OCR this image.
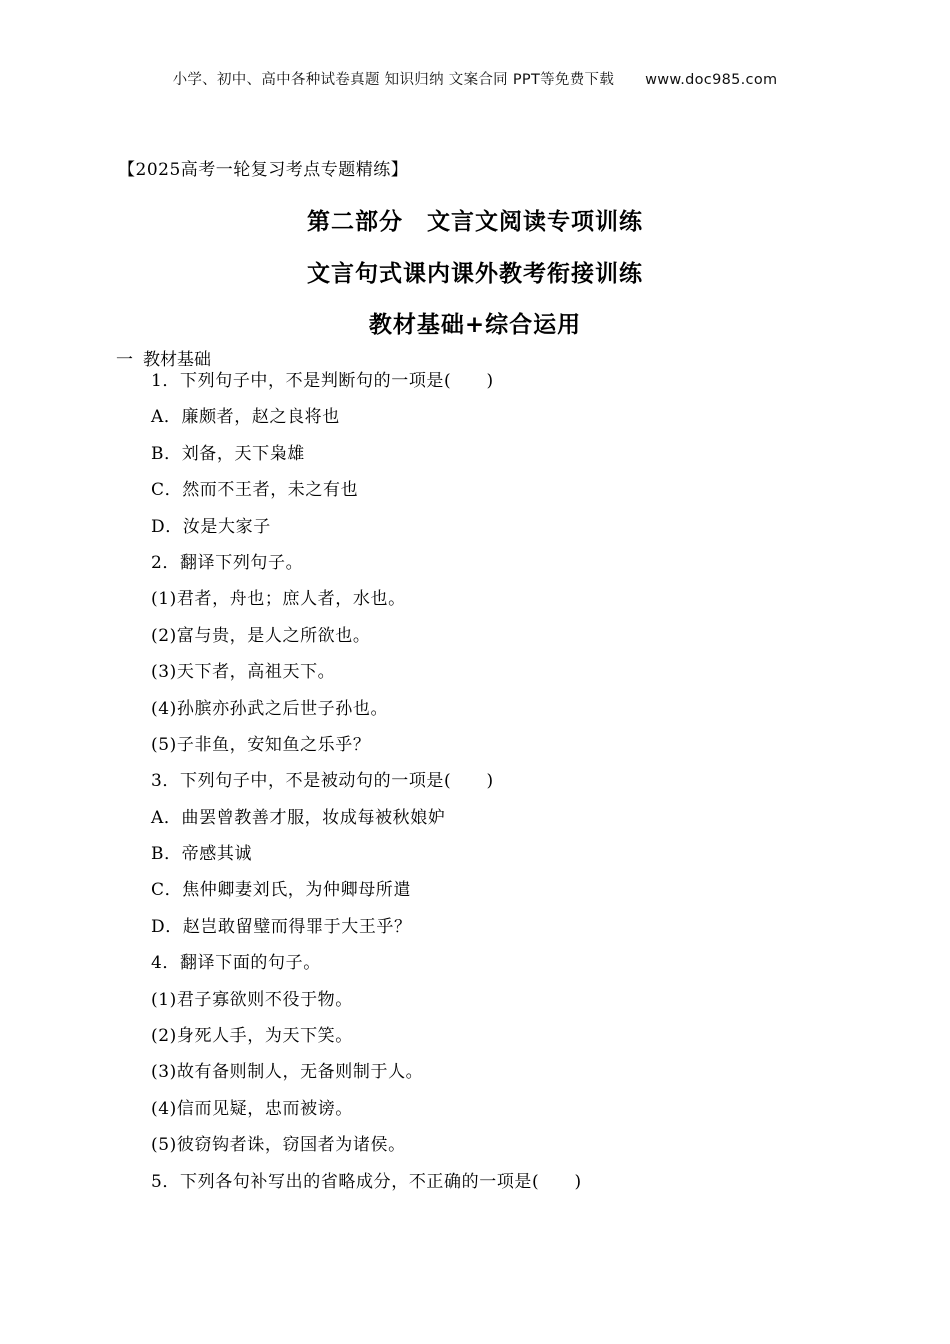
小学、初中、高中各种试卷真题 知识归纳 文案合同 PPT等免费下载 www.doc985.com
【2025高考一轮复习考点专题精练】
第二部分　文言文阅读专项训练
文言句式课内课外教考衔接训练
教材基础+综合运用
一 教材基础
1．下列句子中，不是判断句的一项是(　　)
A．廉颇者，赵之良将也
B．刘备，天下枭雄
C．然而不王者，未之有也
D．汝是大家子
2．翻译下列句子。
(1)君者，舟也；庶人者，水也。
(2)富与贵，是人之所欲也。
(3)天下者，高祖天下。
(4)孙膑亦孙武之后世子孙也。
(5)子非鱼，安知鱼之乐乎？
3．下列句子中，不是被动句的一项是(　　)
A．曲罢曾教善才服，妆成每被秋娘妒
B．帝感其诚
C．焦仲卿妻刘氏，为仲卿母所遣
D．赵岂敢留璧而得罪于大王乎？
4．翻译下面的句子。
(1)君子寡欲则不役于物。
(2)身死人手，为天下笑。
(3)故有备则制人，无备则制于人。
(4)信而见疑，忠而被谤。
(5)彼窃钩者诛，窃国者为诸侯。
5．下列各句补写出的省略成分，不正确的一项是(　　)
